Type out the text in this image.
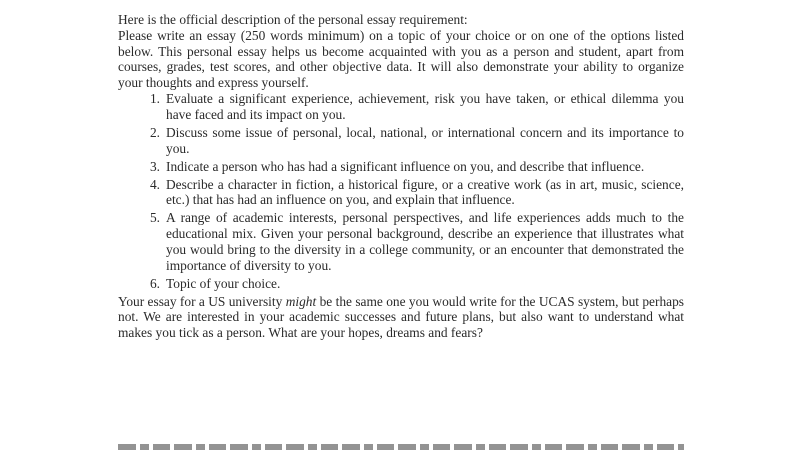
Here is the official description of the personal essay requirement:

Please write an essay (250 words minimum) on a topic of your choice or on one of the options listed below. This personal essay helps us become acquainted with you as a person and student, apart from courses, grades, test scores, and other objective data. It will also demonstrate your ability to organize your thoughts and express yourself.

1. Evaluate a significant experience, achievement, risk you have taken, or ethical dilemma you have faced and its impact on you.
2. Discuss some issue of personal, local, national, or international concern and its importance to you.
3. Indicate a person who has had a significant influence on you, and describe that influence.
4. Describe a character in fiction, a historical figure, or a creative work (as in art, music, science, etc.) that has had an influence on you, and explain that influence.
5. A range of academic interests, personal perspectives, and life experiences adds much to the educational mix. Given your personal background, describe an experience that illustrates what you would bring to the diversity in a college community, or an encounter that demonstrated the importance of diversity to you.
6. Topic of your choice.

Your essay for a US university might be the same one you would write for the UCAS system, but perhaps not. We are interested in your academic successes and future plans, but also want to understand what makes you tick as a person. What are your hopes, dreams and fears?
